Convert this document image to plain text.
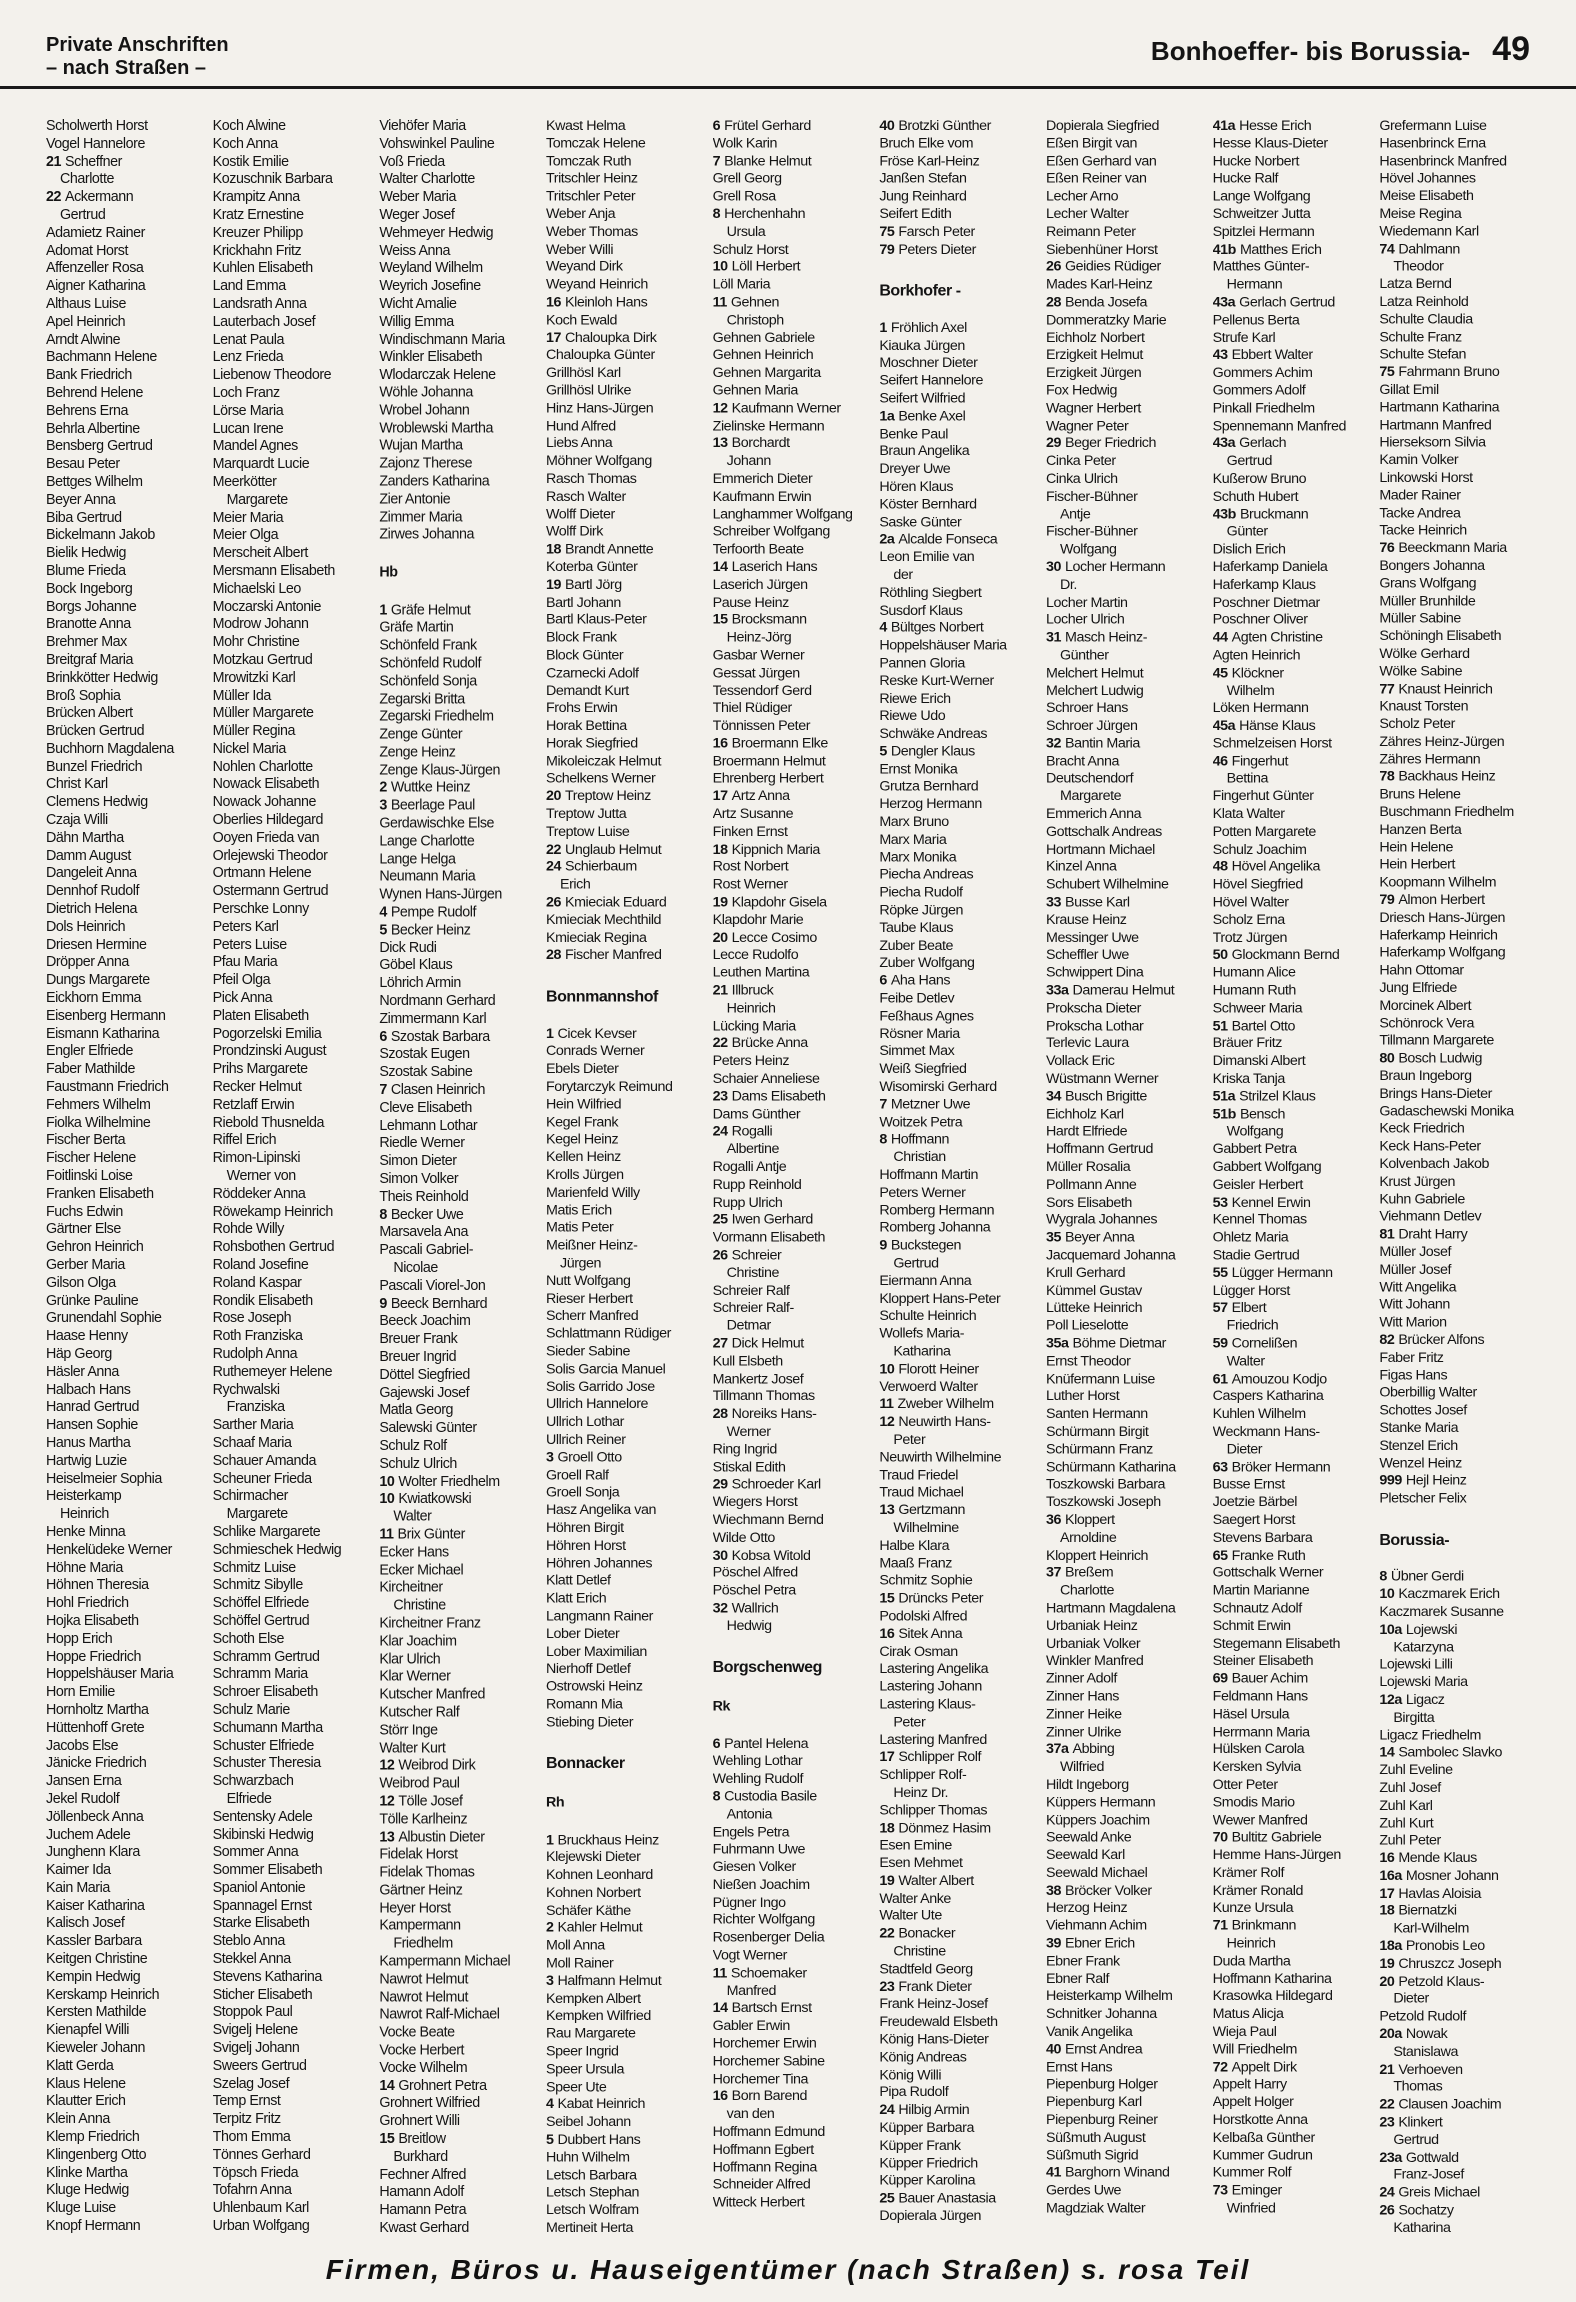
Private Anschriften
– nach Straßen –
Bonhoeffer- bis Borussia- 49
Scholwerth Horst
Vogel Hannelore
21 Scheffner
Charlotte
22 Ackermann
Gertrud
Adamietz Rainer
Adomat Horst
Affenzeller Rosa
Aigner Katharina
Althaus Luise
Apel Heinrich
Arndt Alwine
Bachmann Helene
Bank Friedrich
Behrend Helene
Behrens Erna
Behrla Albertine
Bensberg Gertrud
Besau Peter
Bettges Wilhelm
Beyer Anna
Biba Gertrud
Bickelmann Jakob
Bielik Hedwig
Blume Frieda
Bock Ingeborg
Borgs Johanne
Branotte Anna
Brehmer Max
Breitgraf Maria
Brinkkötter Hedwig
Broß Sophia
Brücken Albert
Brücken Gertrud
Buchhorn Magdalena
Bunzel Friedrich
Christ Karl
Clemens Hedwig
Czaja Willi
Dähn Martha
Damm August
Dangeleit Anna
Dennhof Rudolf
Dietrich Helena
Dols Heinrich
Driesen Hermine
Dröpper Anna
Dungs Margarete
Eickhorn Emma
Eisenberg Hermann
Eismann Katharina
Engler Elfriede
Faber Mathilde
Faustmann Friedrich
Fehmers Wilhelm
Fiolka Wilhelmine
Fischer Berta
Fischer Helene
Foitlinski Loise
Franken Elisabeth
Fuchs Edwin
Gärtner Else
Gehron Heinrich
Gerber Maria
Gilson Olga
Grünke Pauline
Grunendahl Sophie
Haase Henny
Häp Georg
Häsler Anna
Halbach Hans
Hanrad Gertrud
Hansen Sophie
Hanus Martha
Hartwig Luzie
Heiselmeier Sophia
Heisterkamp
Heinrich
Henke Minna
Henkelüdeke Werner
Höhne Maria
Höhnen Theresia
Hohl Friedrich
Hojka Elisabeth
Hopp Erich
Hoppe Friedrich
Hoppelshäuser Maria
Horn Emilie
Hornholtz Martha
Hüttenhoff Grete
Jacobs Else
Jänicke Friedrich
Jansen Erna
Jekel Rudolf
Jöllenbeck Anna
Juchem Adele
Junghenn Klara
Kaimer Ida
Kain Maria
Kaiser Katharina
Kalisch Josef
Kassler Barbara
Keitgen Christine
Kempin Hedwig
Kerskamp Heinrich
Kersten Mathilde
Kienapfel Willi
Kieweler Johann
Klatt Gerda
Klaus Helene
Klautter Erich
Klein Anna
Klemp Friedrich
Klingenberg Otto
Klinke Martha
Kluge Hedwig
Kluge Luise
Knopf Hermann
Koch Alwine
Koch Anna
Kostik Emilie
Kozuschnik Barbara
Krampitz Anna
Kratz Ernestine
Kreuzer Philipp
Krickhahn Fritz
Kuhlen Elisabeth
Land Emma
Landsrath Anna
Lauterbach Josef
Lenat Paula
Lenz Frieda
Liebenow Theodore
Loch Franz
Lörse Maria
Lucan Irene
Mandel Agnes
Marquardt Lucie
Meerkötter
Margarete
Meier Maria
Meier Olga
Merscheit Albert
Mersmann Elisabeth
Michaelski Leo
Moczarski Antonie
Modrow Johann
Mohr Christine
Motzkau Gertrud
Mrowitzki Karl
Müller Ida
Müller Margarete
Müller Regina
Nickel Maria
Nohlen Charlotte
Nowack Elisabeth
Nowack Johanne
Oberlies Hildegard
Ooyen Frieda van
Orlejewski Theodor
Ortmann Helene
Ostermann Gertrud
Perschke Lonny
Peters Karl
Peters Luise
Pfau Maria
Pfeil Olga
Pick Anna
Platen Elisabeth
Pogorzelski Emilia
Prondzinski August
Prihs Margarete
Recker Helmut
Retzlaff Erwin
Riebold Thusnelda
Riffel Erich
Rimon-Lipinski
Werner von
Röddeker Anna
Röwekamp Heinrich
Rohde Willy
Rohsbothen Gertrud
Roland Josefine
Roland Kaspar
Rondik Elisabeth
Rose Joseph
Roth Franziska
Rudolph Anna
Ruthemeyer Helene
Rychwalski
Franziska
Sarther Maria
Schaaf Maria
Schauer Amanda
Scheuner Frieda
Schirmacher
Margarete
Schlike Margarete
Schmieschek Hedwig
Schmitz Luise
Schmitz Sibylle
Schöffel Elfriede
Schöffel Gertrud
Schoth Else
Schramm Gertrud
Schramm Maria
Schroer Elisabeth
Schulz Marie
Schumann Martha
Schuster Elfriede
Schuster Theresia
Schwarzbach
Elfriede
Sentensky Adele
Skibinski Hedwig
Sommer Anna
Sommer Elisabeth
Spaniol Antonie
Spannagel Ernst
Starke Elisabeth
Steblo Anna
Stekkel Anna
Stevens Katharina
Sticher Elisabeth
Stoppok Paul
Svigelj Helene
Svigelj Johann
Sweers Gertrud
Szelag Josef
Temp Ernst
Terpitz Fritz
Thom Emma
Tönnes Gerhard
Töpsch Frieda
Tofahrn Anna
Uhlenbaum Karl
Urban Wolfgang
Viehöfer Maria
Vohswinkel Pauline
Voß Frieda
Walter Charlotte
Weber Maria
Weger Josef
Wehmeyer Hedwig
Weiss Anna
Weyland Wilhelm
Weyrich Josefine
Wicht Amalie
Willig Emma
Windischmann Maria
Winkler Elisabeth
Wlodarczak Helene
Wöhle Johanna
Wrobel Johann
Wroblewski Martha
Wujan Martha
Zajonz Therese
Zanders Katharina
Zier Antonie
Zimmer Maria
Zirwes Johanna

Hb

1 Gräfe Helmut
Gräfe Martin
Schönfeld Frank
Schönfeld Rudolf
Schönfeld Sonja
Zegarski Britta
Zegarski Friedhelm
Zenge Günter
Zenge Heinz
Zenge Klaus-Jürgen
2 Wuttke Heinz
3 Beerlage Paul
Gerdawischke Else
Lange Charlotte
Lange Helga
Neumann Maria
Wynen Hans-Jürgen
4 Pempe Rudolf
5 Becker Heinz
Dick Rudi
Göbel Klaus
Löhrich Armin
Nordmann Gerhard
Zimmermann Karl
6 Szostak Barbara
Szostak Eugen
Szostak Sabine
7 Clasen Heinrich
Cleve Elisabeth
Lehmann Lothar
Riedle Werner
Simon Dieter
Simon Volker
Theis Reinhold
8 Becker Uwe
Marsavela Ana
Pascali Gabriel-
Nicolae
Pascali Viorel-Jon
9 Beeck Bernhard
Beeck Joachim
Breuer Frank
Breuer Ingrid
Döttel Siegfried
Gajewski Josef
Matla Georg
Salewski Günter
Schulz Rolf
Schulz Ulrich
10 Wolter Friedhelm
10 Kwiatkowski
Walter
11 Brix Günter
Ecker Hans
Ecker Michael
Kircheitner
Christine
Kircheitner Franz
Klar Joachim
Klar Ulrich
Klar Werner
Kutscher Manfred
Kutscher Ralf
Störr Inge
Walter Kurt
12 Weibrod Dirk
Weibrod Paul
12 Tölle Josef
Tölle Karlheinz
13 Albustin Dieter
Fidelak Horst
Fidelak Thomas
Gärtner Heinz
Heyer Horst
Kampermann
Friedhelm
Kampermann Michael
Nawrot Helmut
Nawrot Helmut
Nawrot Ralf-Michael
Vocke Beate
Vocke Herbert
Vocke Wilhelm
14 Grohnert Petra
Grohnert Wilfried
Grohnert Willi
15 Breitlow
Burkhard
Fechner Alfred
Hamann Adolf
Hamann Petra
Kwast Gerhard
Kwast Helma
Tomczak Helene
Tomczak Ruth
Tritschler Heinz
Tritschler Peter
Weber Anja
Weber Thomas
Weber Willi
Weyand Dirk
Weyand Heinrich
16 Kleinloh Hans
Koch Ewald
17 Chaloupka Dirk
Chaloupka Günter
Grillhösl Karl
Grillhösl Ulrike
Hinz Hans-Jürgen
Hund Alfred
Liebs Anna
Möhner Wolfgang
Rasch Thomas
Rasch Walter
Wolff Dieter
Wolff Dirk
18 Brandt Annette
Koterba Günter
19 Bartl Jörg
Bartl Johann
Bartl Klaus-Peter
Block Frank
Block Günter
Czarnecki Adolf
Demandt Kurt
Frohs Erwin
Horak Bettina
Horak Siegfried
Mikoleiczak Helmut
Schelkens Werner
20 Treptow Heinz
Treptow Jutta
Treptow Luise
22 Unglaub Helmut
24 Schierbaum
Erich
26 Kmieciak Eduard
Kmieciak Mechthild
Kmieciak Regina
28 Fischer Manfred

Bonnmannshof

1 Cicek Kevser
Conrads Werner
Ebels Dieter
Forytarczyk Reimund
Hein Wilfried
Kegel Frank
Kegel Heinz
Kellen Heinz
Krolls Jürgen
Marienfeld Willy
Matis Erich
Matis Peter
Meißner Heinz-
Jürgen
Nutt Wolfgang
Rieser Herbert
Scherr Manfred
Schlattmann Rüdiger
Sieder Sabine
Solis Garcia Manuel
Solis Garrido Jose
Ullrich Hannelore
Ullrich Lothar
Ullrich Reiner
3 Groell Otto
Groell Ralf
Groell Sonja
Hasz Angelika van
Höhren Birgit
Höhren Horst
Höhren Johannes
Klatt Detlef
Klatt Erich
Langmann Rainer
Lober Dieter
Lober Maximilian
Nierhoff Detlef
Ostrowski Heinz
Romann Mia
Stiebing Dieter

Bonnacker

Rh

1 Bruckhaus Heinz
Klejewski Dieter
Kohnen Leonhard
Kohnen Norbert
Schäfer Käthe
2 Kahler Helmut
Moll Anna
Moll Rainer
3 Halfmann Helmut
Kempken Albert
Kempken Wilfried
Rau Margarete
Speer Ingrid
Speer Ursula
Speer Ute
4 Kabat Heinrich
Seibel Johann
5 Dubbert Hans
Huhn Wilhelm
Letsch Barbara
Letsch Stephan
Letsch Wolfram
Mertineit Herta
6 Frütel Gerhard
Wolk Karin
7 Blanke Helmut
Grell Georg
Grell Rosa
8 Herchenhahn
Ursula
Schulz Horst
10 Löll Herbert
Löll Maria
11 Gehnen
Christoph
Gehnen Gabriele
Gehnen Heinrich
Gehnen Margarita
Gehnen Maria
12 Kaufmann Werner
Zielinske Hermann
13 Borchardt
Johann
Emmerich Dieter
Kaufmann Erwin
Langhammer Wolfgang
Schreiber Wolfgang
Terfoorth Beate
14 Laserich Hans
Laserich Jürgen
Pause Heinz
15 Brocksmann
Heinz-Jörg
Gasbar Werner
Gessat Jürgen
Tessendorf Gerd
Thiel Rüdiger
Tönnissen Peter
16 Broermann Elke
Broermann Helmut
Ehrenberg Herbert
17 Artz Anna
Artz Susanne
Finken Ernst
18 Kippnich Maria
Rost Norbert
Rost Werner
19 Klapdohr Gisela
Klapdohr Marie
20 Lecce Cosimo
Lecce Rudolfo
Leuthen Martina
21 Illbruck
Heinrich
Lücking Maria
22 Brücke Anna
Peters Heinz
Schaier Anneliese
23 Dams Elisabeth
Dams Günther
24 Rogalli
Albertine
Rogalli Antje
Rupp Reinhold
Rupp Ulrich
25 Iwen Gerhard
Vormann Elisabeth
26 Schreier
Christine
Schreier Ralf
Schreier Ralf-
Detmar
27 Dick Helmut
Kull Elsbeth
Mankertz Josef
Tillmann Thomas
28 Noreiks Hans-
Werner
Ring Ingrid
Stiskal Edith
29 Schroeder Karl
Wiegers Horst
Wiechmann Bernd
Wilde Otto
30 Kobsa Witold
Pöschel Alfred
Pöschel Petra
32 Wallrich
Hedwig

Borgschenweg

Rk

6 Pantel Helena
Wehling Lothar
Wehling Rudolf
8 Custodia Basile
Antonia
Engels Petra
Fuhrmann Uwe
Giesen Volker
Nießen Joachim
Pügner Ingo
Richter Wolfgang
Rosenberger Delia
Vogt Werner
11 Schoemaker
Manfred
14 Bartsch Ernst
Gabler Erwin
Horchemer Erwin
Horchemer Sabine
Horchemer Tina
16 Born Barend
van den
Hoffmann Edmund
Hoffmann Egbert
Hoffmann Regina
Schneider Alfred
Witteck Herbert
40 Brotzki Günther
Bruch Elke vom
Fröse Karl-Heinz
Janßen Stefan
Jung Reinhard
Seifert Edith
75 Farsch Peter
79 Peters Dieter

Borkhofer -

1 Fröhlich Axel
Kiauka Jürgen
Moschner Dieter
Seifert Hannelore
Seifert Wilfried
1a Benke Axel
Benke Paul
Braun Angelika
Dreyer Uwe
Hören Klaus
Köster Bernhard
Saske Günter
2a Alcalde Fonseca
Leon Emilie van
der
Röthling Siegbert
Susdorf Klaus
4 Bültges Norbert
Hoppelshäuser Maria
Pannen Gloria
Reske Kurt-Werner
Riewe Erich
Riewe Udo
Schwäke Andreas
5 Dengler Klaus
Ernst Monika
Grutza Bernhard
Herzog Hermann
Marx Bruno
Marx Maria
Marx Monika
Piecha Andreas
Piecha Rudolf
Röpke Jürgen
Taube Klaus
Zuber Beate
Zuber Wolfgang
6 Aha Hans
Feibe Detlev
Feßhaus Agnes
Rösner Maria
Simmet Max
Weiß Siegfried
Wisomirski Gerhard
7 Metzner Uwe
Woitzek Petra
8 Hoffmann
Christian
Hoffmann Martin
Peters Werner
Romberg Hermann
Romberg Johanna
9 Buckstegen
Gertrud
Eiermann Anna
Kloppert Hans-Peter
Schulte Heinrich
Wollefs Maria-
Katharina
10 Florott Heiner
Verwoerd Walter
11 Zweber Wilhelm
12 Neuwirth Hans-
Peter
Neuwirth Wilhelmine
Traud Friedel
Traud Michael
13 Gertzmann
Wilhelmine
Halbe Klara
Maaß Franz
Schmitz Sophie
15 Drüncks Peter
Podolski Alfred
16 Sitek Anna
Cirak Osman
Lastering Angelika
Lastering Johann
Lastering Klaus-
Peter
Lastering Manfred
17 Schlipper Rolf
Schlipper Rolf-
Heinz Dr.
Schlipper Thomas
18 Dönmez Hasim
Esen Emine
Esen Mehmet
19 Walter Albert
Walter Anke
Walter Ute
22 Bonacker
Christine
Stadtfeld Georg
23 Frank Dieter
Frank Heinz-Josef
Freudewald Elsbeth
König Hans-Dieter
König Andreas
König Willi
Pipa Rudolf
24 Hilbig Armin
Küpper Barbara
Küpper Frank
Küpper Friedrich
Küpper Karolina
25 Bauer Anastasia
Dopierala Jürgen
Dopierala Siegfried
Eßen Birgit van
Eßen Gerhard van
Eßen Reiner van
Lecher Arno
Lecher Walter
Reimann Peter
Siebenhüner Horst
26 Geidies Rüdiger
Mades Karl-Heinz
28 Benda Josefa
Dommeratzky Marie
Eichholz Norbert
Erzigkeit Helmut
Erzigkeit Jürgen
Fox Hedwig
Wagner Herbert
Wagner Peter
29 Beger Friedrich
Cinka Peter
Cinka Ulrich
Fischer-Bühner
Antje
Fischer-Bühner
Wolfgang
30 Locher Hermann
Dr.
Locher Martin
Locher Ulrich
31 Masch Heinz-
Günther
Melchert Helmut
Melchert Ludwig
Schroer Hans
Schroer Jürgen
32 Bantin Maria
Bracht Anna
Deutschendorf
Margarete
Emmerich Anna
Gottschalk Andreas
Hortmann Michael
Kinzel Anna
Schubert Wilhelmine
33 Busse Karl
Krause Heinz
Messinger Uwe
Scheffler Uwe
Schwippert Dina
33a Damerau Helmut
Prokscha Dieter
Prokscha Lothar
Terlevic Laura
Vollack Eric
Wüstmann Werner
34 Busch Brigitte
Eichholz Karl
Hardt Elfriede
Hoffmann Gertrud
Müller Rosalia
Pollmann Anne
Sors Elisabeth
Wygrala Johannes
35 Beyer Anna
Jacquemard Johanna
Krull Gerhard
Kümmel Gustav
Lütteke Heinrich
Poll Lieselotte
35a Böhme Dietmar
Ernst Theodor
Knüfermann Luise
Luther Horst
Santen Hermann
Schürmann Birgit
Schürmann Franz
Schürmann Katharina
Toszkowski Barbara
Toszkowski Joseph
36 Kloppert
Arnoldine
Kloppert Heinrich
37 Breßem
Charlotte
Hartmann Magdalena
Urbaniak Heinz
Urbaniak Volker
Winkler Manfred
Zinner Adolf
Zinner Hans
Zinner Heike
Zinner Ulrike
37a Abbing
Wilfried
Hildt Ingeborg
Küppers Hermann
Küppers Joachim
Seewald Anke
Seewald Karl
Seewald Michael
38 Bröcker Volker
Herzog Heinz
Viehmann Achim
39 Ebner Erich
Ebner Frank
Ebner Ralf
Heisterkamp Wilhelm
Schnitker Johanna
Vanik Angelika
40 Ernst Andrea
Ernst Hans
Piepenburg Holger
Piepenburg Karl
Piepenburg Reiner
Süßmuth August
Süßmuth Sigrid
41 Barghorn Winand
Gerdes Uwe
Magdziak Walter
41a Hesse Erich
Hesse Klaus-Dieter
Hucke Norbert
Hucke Ralf
Lange Wolfgang
Schweitzer Jutta
Spitzlei Hermann
41b Matthes Erich
Matthes Günter-
Hermann
43a Gerlach Gertrud
Pellenus Berta
Strufe Karl
43 Ebbert Walter
Gommers Achim
Gommers Adolf
Pinkall Friedhelm
Spennemann Manfred
43a Gerlach
Gertrud
Kußerow Bruno
Schuth Hubert
43b Bruckmann
Günter
Dislich Erich
Haferkamp Daniela
Haferkamp Klaus
Poschner Dietmar
Poschner Oliver
44 Agten Christine
Agten Heinrich
45 Klöckner
Wilhelm
Löken Hermann
45a Hänse Klaus
Schmelzeisen Horst
46 Fingerhut
Bettina
Fingerhut Günter
Klata Walter
Potten Margarete
Schulz Joachim
48 Hövel Angelika
Hövel Siegfried
Hövel Walter
Scholz Erna
Trotz Jürgen
50 Glockmann Bernd
Humann Alice
Humann Ruth
Schweer Maria
51 Bartel Otto
Bräuer Fritz
Dimanski Albert
Kriska Tanja
51a Strilzel Klaus
51b Bensch
Wolfgang
Gabbert Petra
Gabbert Wolfgang
Geisler Herbert
53 Kennel Erwin
Kennel Thomas
Ohletz Maria
Stadie Gertrud
55 Lügger Hermann
Lügger Horst
57 Elbert
Friedrich
59 Cornelißen
Walter
61 Amouzou Kodjo
Caspers Katharina
Kuhlen Wilhelm
Weckmann Hans-
Dieter
63 Bröker Hermann
Busse Ernst
Joetzie Bärbel
Saegert Horst
Stevens Barbara
65 Franke Ruth
Gottschalk Werner
Martin Marianne
Schnautz Adolf
Schmit Erwin
Stegemann Elisabeth
Steiner Elisabeth
69 Bauer Achim
Feldmann Hans
Häsel Ursula
Herrmann Maria
Hülsken Carola
Kersken Sylvia
Otter Peter
Smodis Mario
Wewer Manfred
70 Bultitz Gabriele
Hemme Hans-Jürgen
Krämer Rolf
Krämer Ronald
Kunze Ursula
71 Brinkmann
Heinrich
Duda Martha
Hoffmann Katharina
Krasowka Hildegard
Matus Alicja
Wieja Paul
Will Friedhelm
72 Appelt Dirk
Appelt Harry
Appelt Holger
Horstkotte Anna
Kelbaßa Günther
Kummer Gudrun
Kummer Rolf
73 Eminger
Winfried
Grefermann Luise
Hasenbrinck Erna
Hasenbrinck Manfred
Hövel Johannes
Meise Elisabeth
Meise Regina
Wiedemann Karl
74 Dahlmann
Theodor
Latza Bernd
Latza Reinhold
Schulte Claudia
Schulte Franz
Schulte Stefan
75 Fahrmann Bruno
Gillat Emil
Hartmann Katharina
Hartmann Manfred
Hierseksorn Silvia
Kamin Volker
Linkowski Horst
Mader Rainer
Tacke Andrea
Tacke Heinrich
76 Beeckmann Maria
Bongers Johanna
Grans Wolfgang
Müller Brunhilde
Müller Sabine
Schöningh Elisabeth
Wölke Gerhard
Wölke Sabine
77 Knaust Heinrich
Knaust Torsten
Scholz Peter
Zähres Heinz-Jürgen
Zähres Hermann
78 Backhaus Heinz
Bruns Helene
Buschmann Friedhelm
Hanzen Berta
Hein Helene
Hein Herbert
Koopmann Wilhelm
79 Almon Herbert
Driesch Hans-Jürgen
Haferkamp Heinrich
Haferkamp Wolfgang
Hahn Ottomar
Jung Elfriede
Morcinek Albert
Schönrock Vera
Tillmann Margarete
80 Bosch Ludwig
Braun Ingeborg
Brings Hans-Dieter
Gadaschewski Monika
Keck Friedrich
Keck Hans-Peter
Kolvenbach Jakob
Krust Jürgen
Kuhn Gabriele
Viehmann Detlev
81 Draht Harry
Müller Josef
Müller Josef
Witt Angelika
Witt Johann
Witt Marion
82 Brücker Alfons
Faber Fritz
Figas Hans
Oberbillig Walter
Schottes Josef
Stanke Maria
Stenzel Erich
Wenzel Heinz
999 Hejl Heinz
Pletscher Felix

Borussia-

8 Übner Gerdi
10 Kaczmarek Erich
Kaczmarek Susanne
10a Lojewski
Katarzyna
Lojewski Lilli
Lojewski Maria
12a Ligacz
Birgitta
Ligacz Friedhelm
14 Sambolec Slavko
Zuhl Eveline
Zuhl Josef
Zuhl Karl
Zuhl Kurt
Zuhl Peter
16 Mende Klaus
16a Mosner Johann
17 Havlas Aloisia
18 Biernatzki
Karl-Wilhelm
18a Pronobis Leo
19 Chruszcz Joseph
20 Petzold Klaus-
Dieter
Petzold Rudolf
20a Nowak
Stanislawa
21 Verhoeven
Thomas
22 Clausen Joachim
23 Klinkert
Gertrud
23a Gottwald
Franz-Josef
24 Greis Michael
26 Sochatzy
Katharina
Firmen, Büros u. Hauseigentümer (nach Straßen) s. rosa Teil
